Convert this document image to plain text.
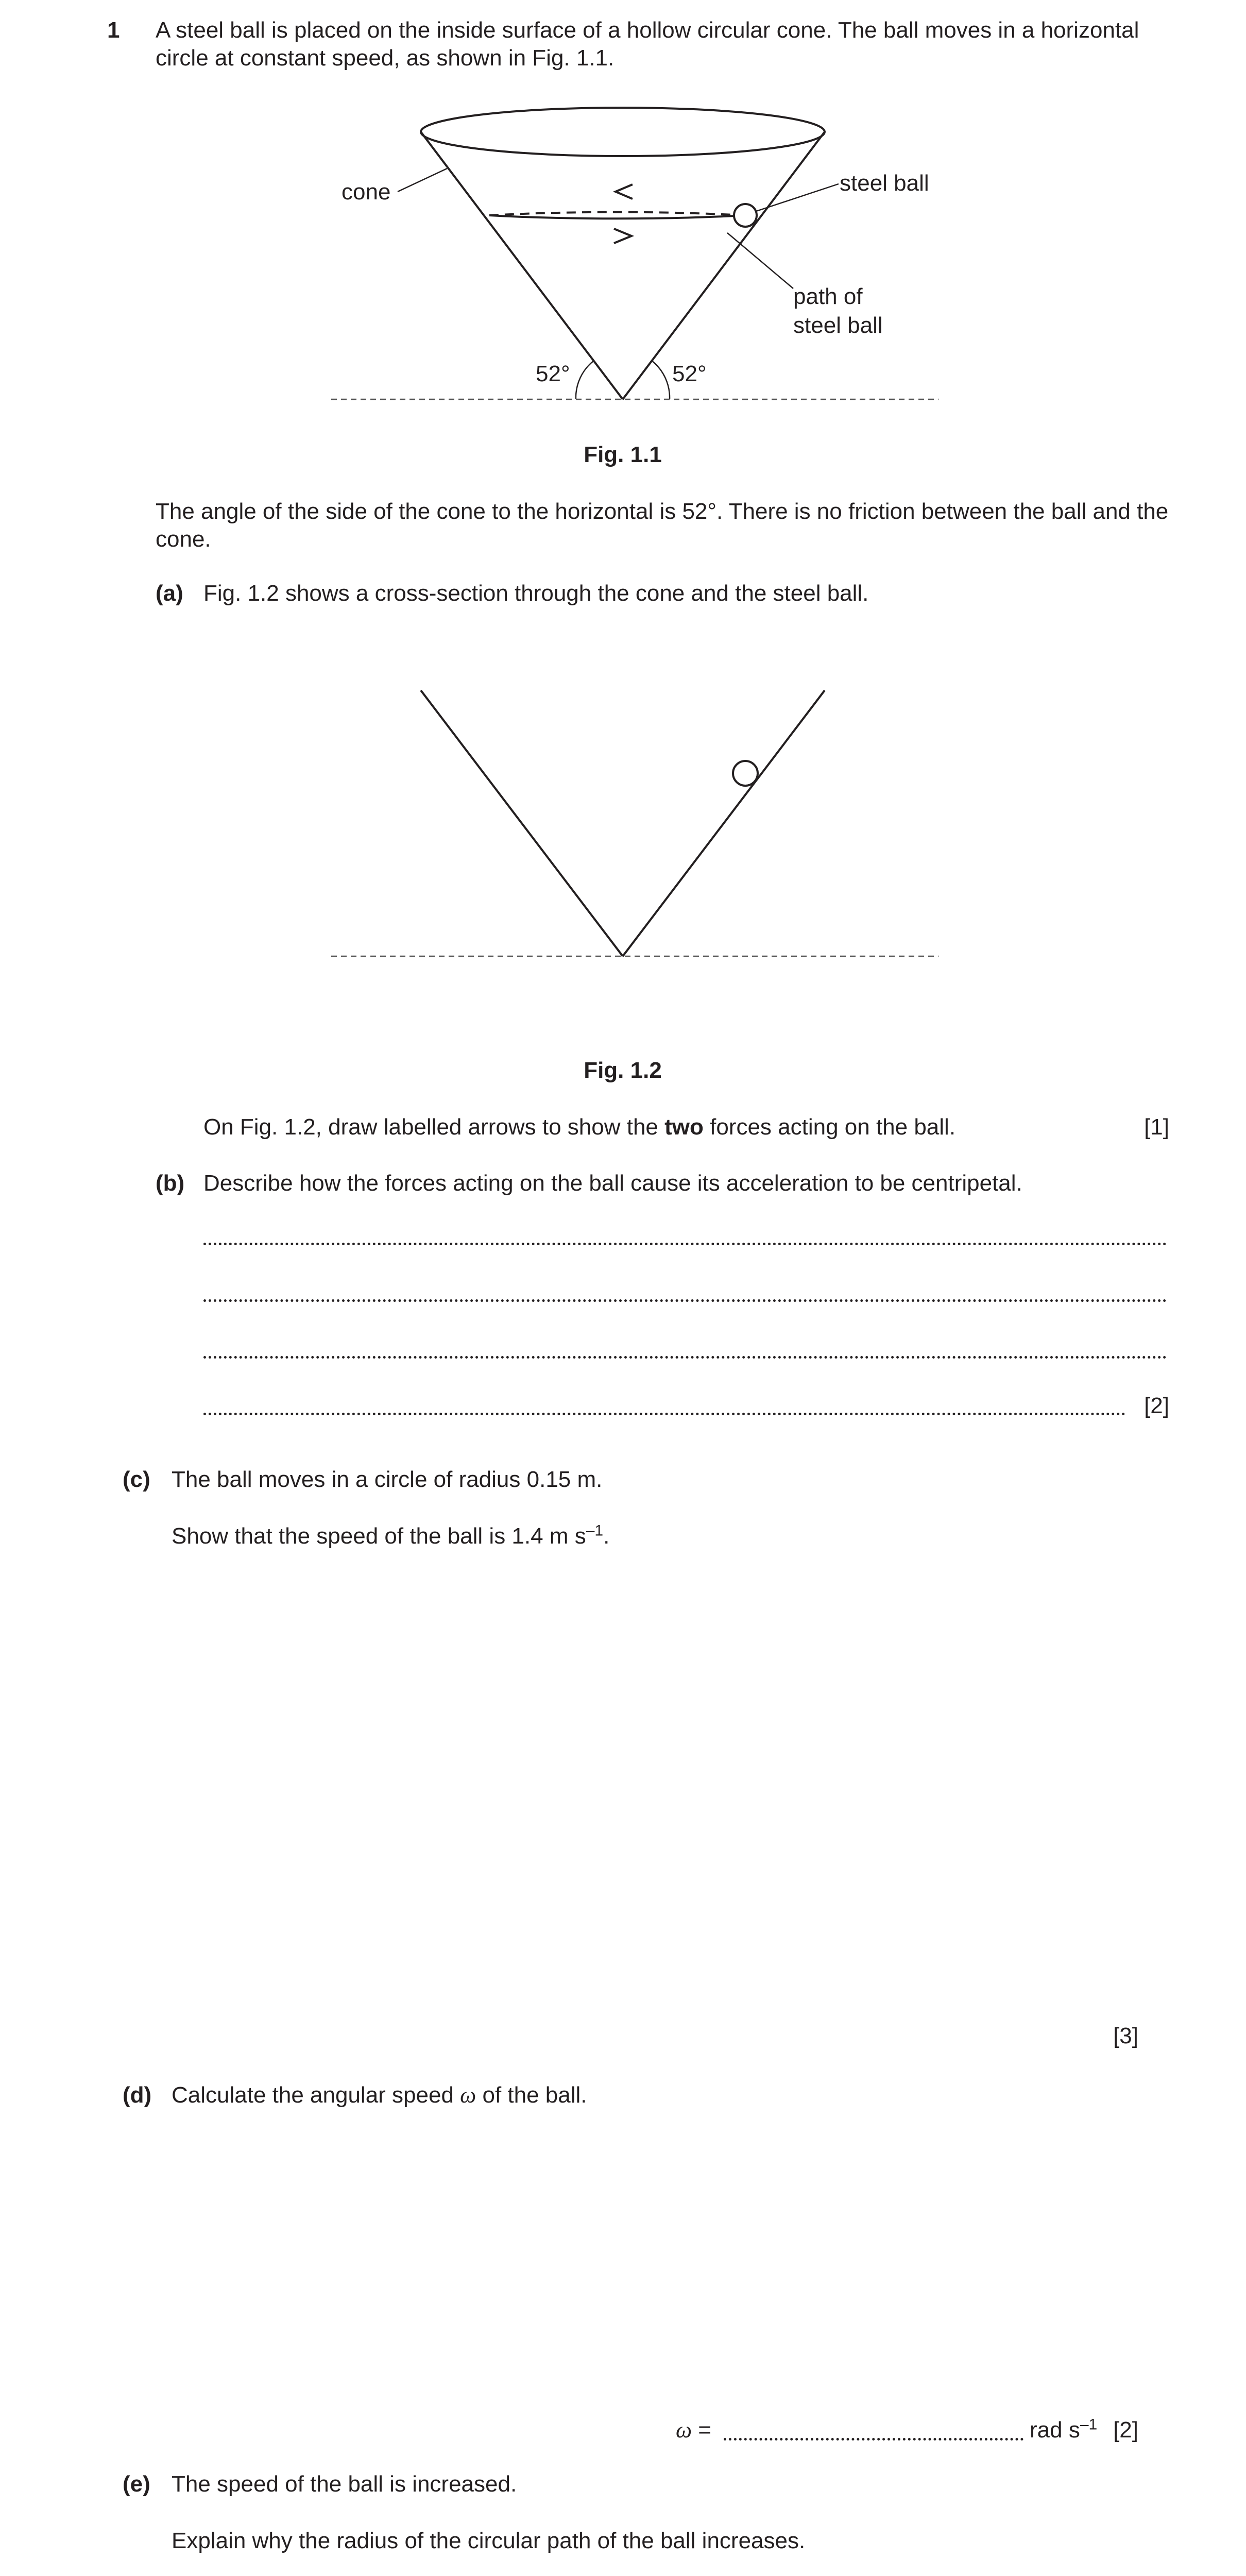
1 A steel ball is placed on the inside surface of a hollow circular cone. The ball moves in a horizontal circle at constant speed, as shown in Fig. 1.1.
cone	steel ball
path of
steel ball
52°	52°
Fig. 1.1
The angle of the side of the cone to the horizontal is 52°. There is no friction between the ball and the cone.
(a) Fig. 1.2 shows a cross-section through the cone and the steel ball.
Fig. 1.2
On Fig. 1.2, draw labelled arrows to show the two forces acting on the ball.	[1]
(b) Describe how the forces acting on the ball cause its acceleration to be centripetal.
[2]
(c) The ball moves in a circle of radius 0.15 m.
Show that the speed of the ball is 1.4 m $s^{-1}$.
[3]
(d) Calculate the angular speed ω of the ball.
ω =	rad $s^{-1}$ [2]
(e) The speed of the ball is increased.
Explain why the radius of the circular path of the ball increases.
